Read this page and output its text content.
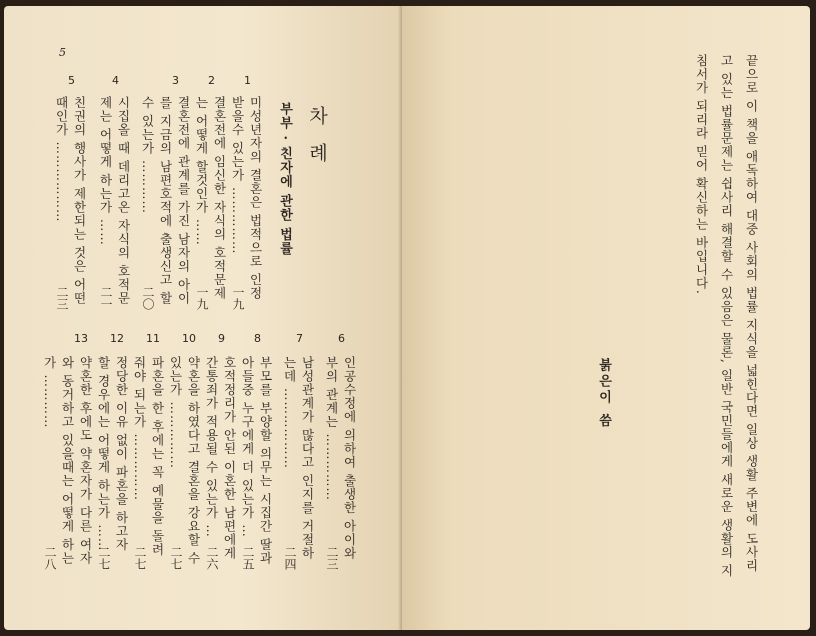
5
차례
부부 · 친자에 관한 법률
1
미성년자의 결혼은 법적으로 인정
받을수 있는가 ……………
一九
2
결혼전에 임신한 자식의 호적문제
는 어떻게 할것인가 ……
一九
3
결혼전에 관계를 가진 남자의 아이
를 지금의 남편호적에 출생신고 할
수 있는가 …………
二〇
4
시집올 때 데리고온 자식의 호적문
제는 어떻게 하는가 ……
二一
5
친권의 행사가 제한되는 것은 어떤
때인가 ………………
二三
6
인공수정에 의하여 출생한 아이와
부의 관계는 ……………
二三
7
남성관계가 많다고 인지를 거절하
는데 ………………
二四
8
부모를 부양할 의무는 시집간 딸과
아들중 누구에게 더 있는가 …
二五
9
호적정리가 안된 이혼한 남편에게
간통죄가 적용될 수 있는가 …
二六
10
약혼을 하였다고 결혼을 강요할 수
있는가 ……………
二七
11
파혼을 한 후에는 꼭 예물을 돌려
줘야 되는가 ……………
二七
12
정당한 이유 없이 파혼을 하고자
할 경우에는 어떻게 하는가 ……
二七
13
약혼한 후에도 약혼자가 다른 여자
와 동거하고 있을때는 어떻게 하는
가 …………
二八	끝으로 이 책을 애독하여 대중 사회의 법률 지식을 넓힌다면 일상 생활 주변에 도사리
고 있는 법률문제는 쉽사리 해결할 수 있음은 물론, 일반 국민들에게 새로운 생활의 지
침서가 되리라 믿어 확신하는 바입니다.
붉은이 씀
